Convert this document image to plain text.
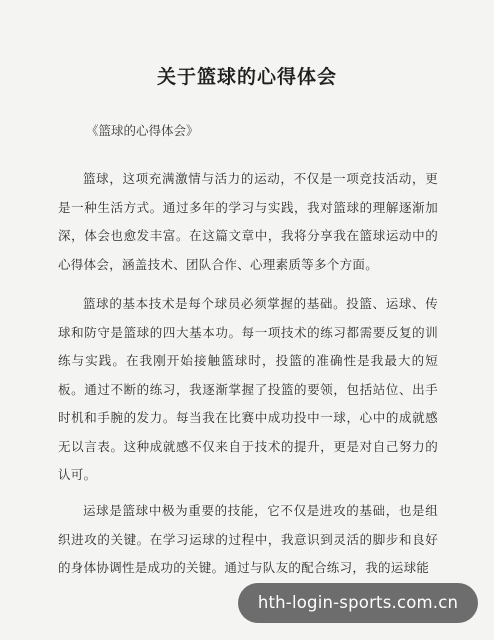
关于篮球的心得体会
《篮球的心得体会》
篮球，这项充满激情与活力的运动，不仅是一项竞技活动，更是一种生活方式。通过多年的学习与实践，我对篮球的理解逐渐加深，体会也愈发丰富。在这篇文章中，我将分享我在篮球运动中的心得体会，涵盖技术、团队合作、心理素质等多个方面。
篮球的基本技术是每个球员必须掌握的基础。投篮、运球、传球和防守是篮球的四大基本功。每一项技术的练习都需要反复的训练与实践。在我刚开始接触篮球时，投篮的准确性是我最大的短板。通过不断的练习，我逐渐掌握了投篮的要领，包括站位、出手时机和手腕的发力。每当我在比赛中成功投中一球，心中的成就感无以言表。这种成就感不仅来自于技术的提升，更是对自己努力的认可。
运球是篮球中极为重要的技能，它不仅是进攻的基础，也是组织进攻的关键。在学习运球的过程中，我意识到灵活的脚步和良好的身体协调性是成功的关键。通过与队友的配合练习，我的运球能
hth-login-sports.com.cn
